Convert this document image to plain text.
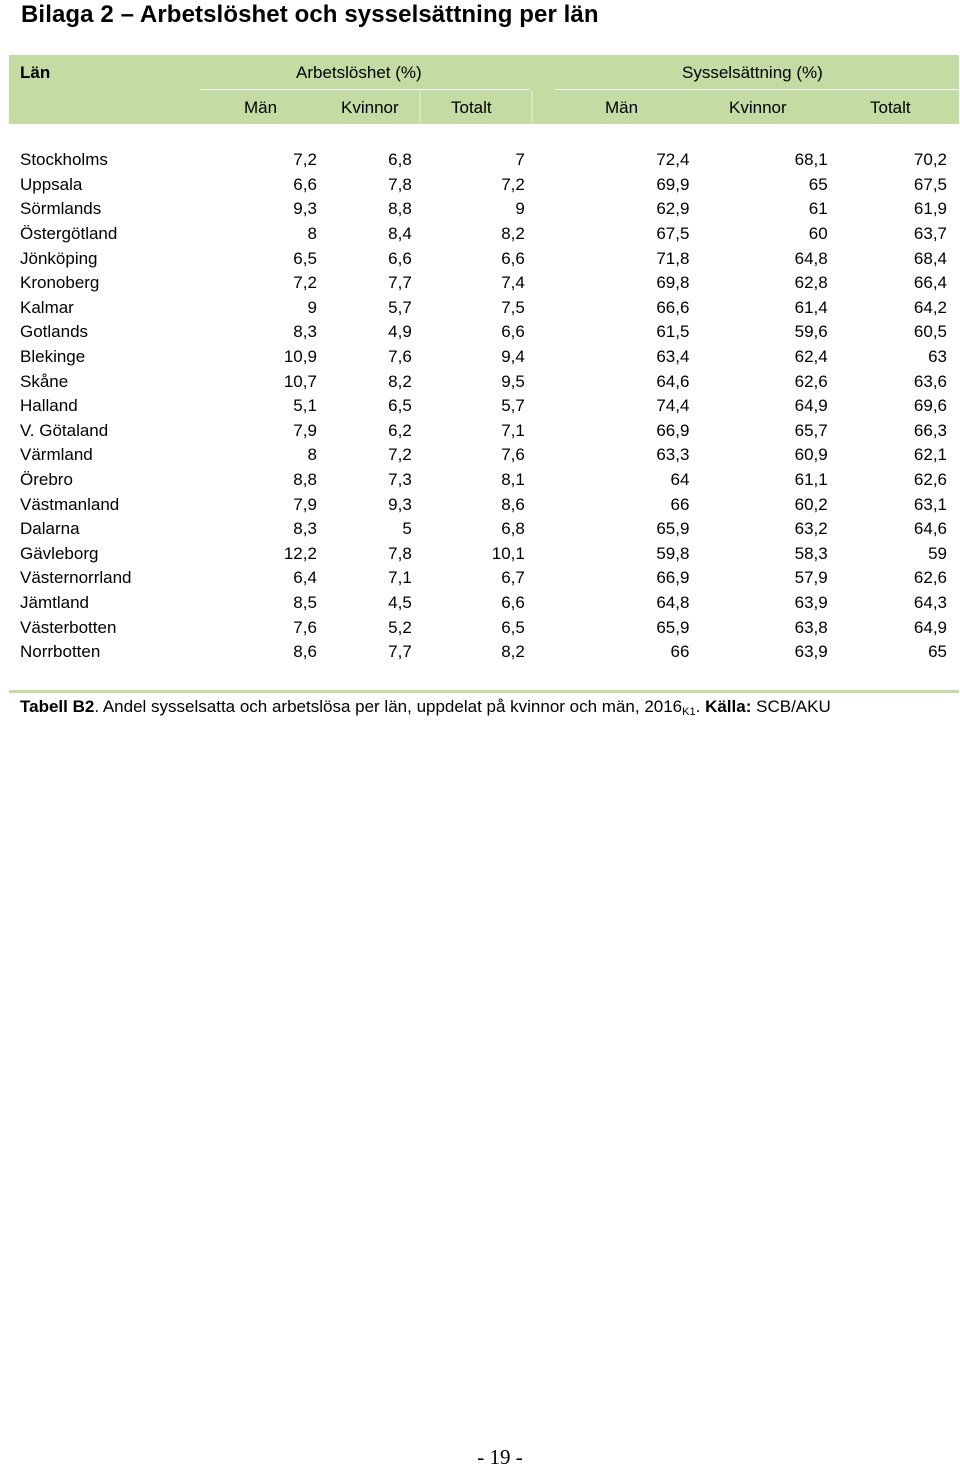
Bilaga 2 – Arbetslöshet och sysselsättning per län
Län	Arbetslöshet (%)	Sysselsättning (%)
Män	Kvinnor	Totalt	Män	Kvinnor	Totalt
Stockholms	7,2	6,8	7	72,4	68,1	70,2
Uppsala	6,6	7,8	7,2	69,9	65	67,5
Sörmlands	9,3	8,8	9	62,9	61	61,9
Östergötland	8	8,4	8,2	67,5	60	63,7
Jönköping	6,5	6,6	6,6	71,8	64,8	68,4
Kronoberg	7,2	7,7	7,4	69,8	62,8	66,4
Kalmar	9	5,7	7,5	66,6	61,4	64,2
Gotlands	8,3	4,9	6,6	61,5	59,6	60,5
Blekinge	10,9	7,6	9,4	63,4	62,4	63
Skåne	10,7	8,2	9,5	64,6	62,6	63,6
Halland	5,1	6,5	5,7	74,4	64,9	69,6
V. Götaland	7,9	6,2	7,1	66,9	65,7	66,3
Värmland	8	7,2	7,6	63,3	60,9	62,1
Örebro	8,8	7,3	8,1	64	61,1	62,6
Västmanland	7,9	9,3	8,6	66	60,2	63,1
Dalarna	8,3	5	6,8	65,9	63,2	64,6
Gävleborg	12,2	7,8	10,1	59,8	58,3	59
Västernorrland	6,4	7,1	6,7	66,9	57,9	62,6
Jämtland	8,5	4,5	6,6	64,8	63,9	64,3
Västerbotten	7,6	5,2	6,5	65,9	63,8	64,9
Norrbotten	8,6	7,7	8,2	66	63,9	65
Tabell B2. Andel sysselsatta och arbetslösa per län, uppdelat på kvinnor och män, $2016_{K1}$. Källa: SCB/AKU
- 19 -
